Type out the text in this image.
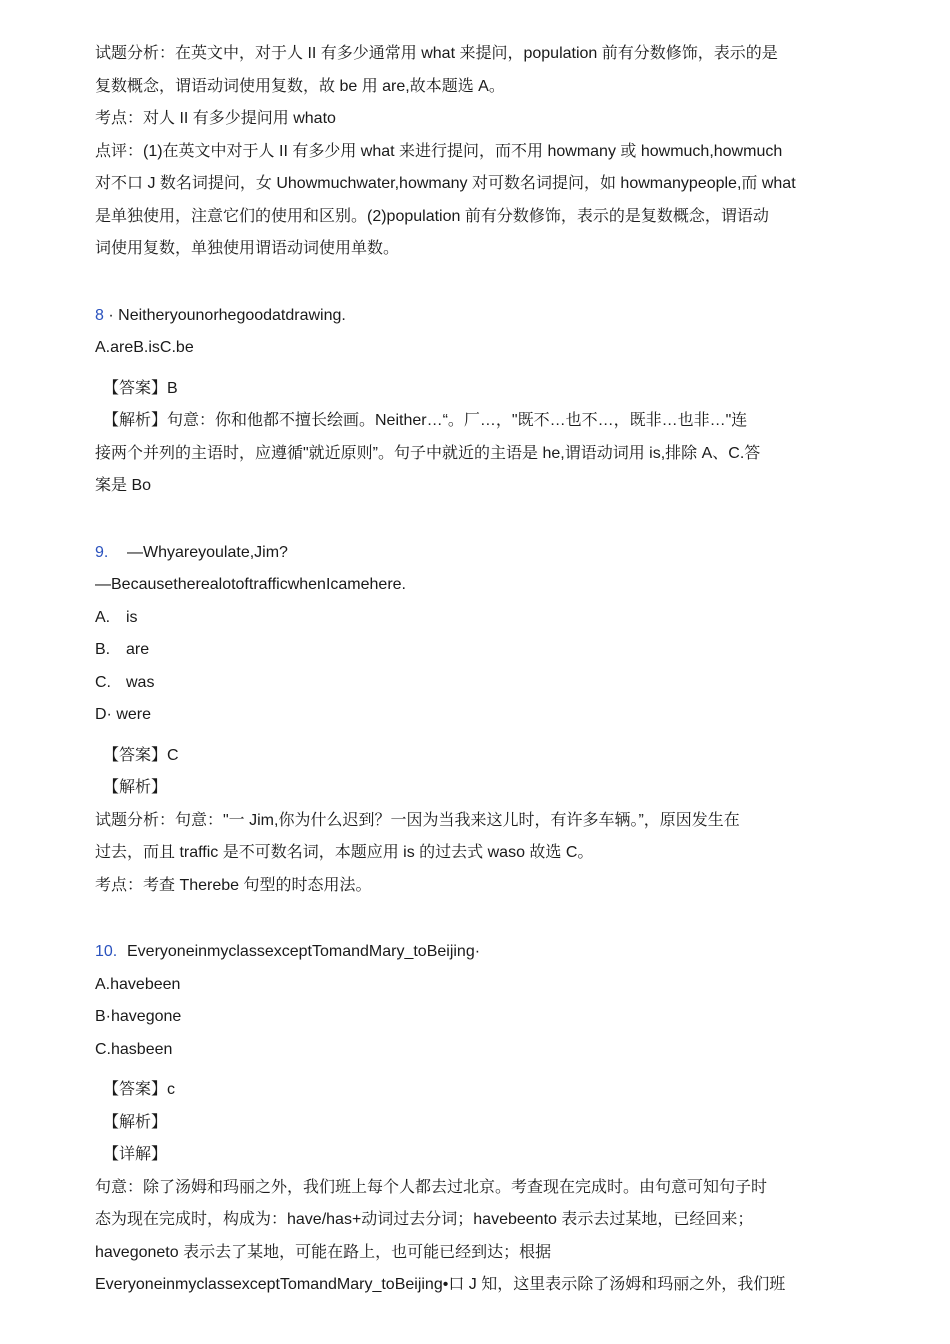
试题分析：在英文中，对于人 II 有多少通常用 what 来提问，population 前有分数修饰，表示的是
复数概念，谓语动词使用复数，故 be 用 are,故本题选 A。
考点：对人 II 有多少提问用 whato
点评：(1)在英文中对于人 II 有多少用 what 来进行提问，而不用 howmany 或 howmuch,howmuch
对不口 J 数名词提问，女 Uhowmuchwater,howmany 对可数名词提问，如 howmanypeople,而 what
是单独使用，注意它们的使用和区别。(2)population 前有分数修饰，表示的是复数概念，谓语动
词使用复数，单独使用谓语动词使用单数。
8 · Neitheryounorhegoodatdrawing.
A.areB.isC.be
【答案】B
【解析】句意：你和他都不擅长绘画。Neither…“。厂…，"既不…也不…，既非…也非…"连
接两个并列的主语时，应遵循"就近原则”。句子中就近的主语是 he,谓语动词用 is,排除 A、C.答
案是 Bo
9. —Whyareyoulate,Jim?
—BecausetherealotoftrafficwhenIcamehere.
A. is
B. are
C. was
D· were
【答案】C
【解析】
试题分析：句意："一 Jim,你为什么迟到？一因为当我来这儿时，有许多车辆。”，原因发生在
过去，而且 traffic 是不可数名词，本题应用 is 的过去式 waso 故选 C。
考点：考查 Therebe 句型的时态用法。
10. EveryoneinmyclassexceptTomandMary_toBeijing·
A.havebeen
B·havegone
C.hasbeen
【答案】c
【解析】
【详解】
句意：除了汤姆和玛丽之外，我们班上每个人都去过北京。考查现在完成时。由句意可知句子时
态为现在完成时，构成为：have/has+动词过去分词；havebeento 表示去过某地，已经回来；
havegoneto 表示去了某地，可能在路上，也可能已经到达；根据
EveryoneinmyclassexceptTomandMary_toBeijing•口 J 知，这里表示除了汤姆和玛丽之外，我们班
